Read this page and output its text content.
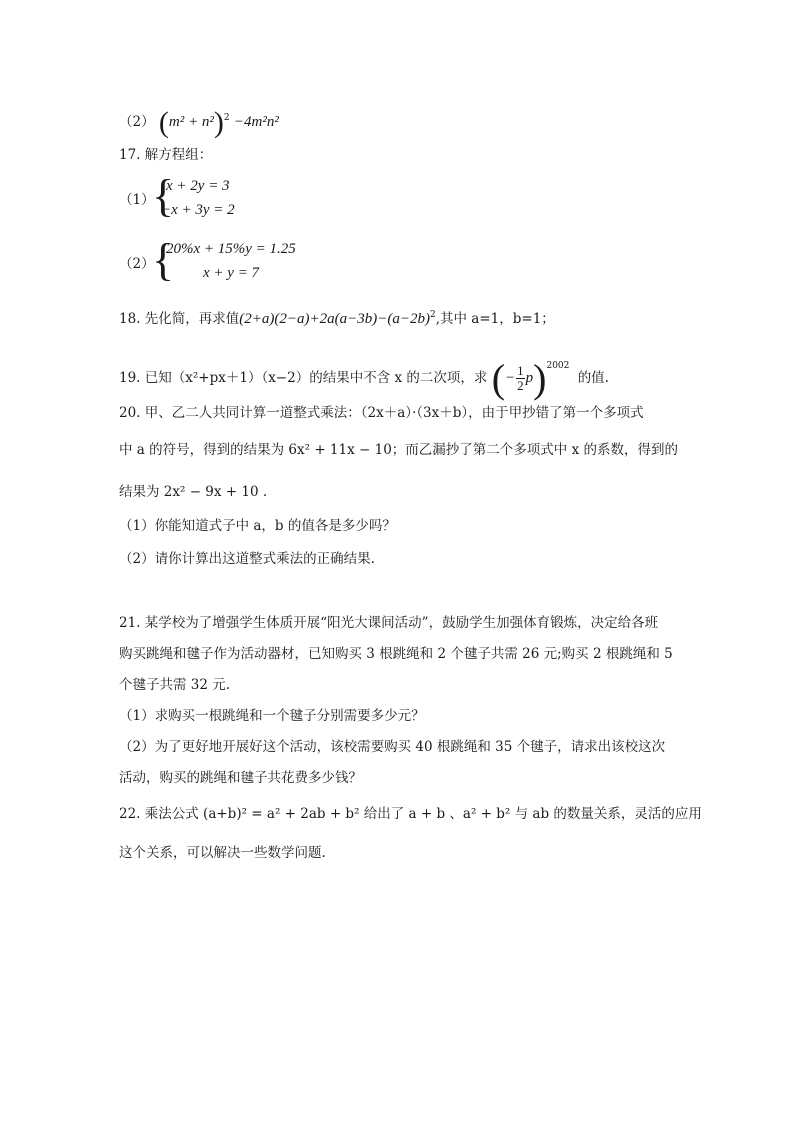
（2） $(m^2 + n^2)^2 -4m^2n^2$
17. 解方程组：
（1）
{
x + 2y = 3
−x + 3y = 2
（2）
{
20%x + 15%y = 1.25
x + y = 7
18. 先化简，再求值$(2+a)(2-a)+2a(a-3b)-(a-2b)^2$,其中 a=1，b=1；
19. 已知（x²+px＋1）（x−2）的结果中不含 x 的二次项，求 (− $\frac{1}{2} p)^{2002}$ 的值.
20. 甲、乙二人共同计算一道整式乘法：（2x＋a）·（3x＋b），由于甲抄错了第一个多项式
中 a 的符号，得到的结果为 6x² + 11x − 10；而乙漏抄了第二个多项式中 x 的系数，得到的
结果为 2x² − 9x + 10 .
（1）你能知道式子中 a，b 的值各是多少吗？
（2）请你计算出这道整式乘法的正确结果.
21. 某学校为了增强学生体质开展“阳光大课间活动”，鼓励学生加强体育锻炼，决定给各班
购买跳绳和毽子作为活动器材，已知购买 3 根跳绳和 2 个毽子共需 26 元;购买 2 根跳绳和 5
个毽子共需 32 元.
（1）求购买一根跳绳和一个毽子分别需要多少元？
（2）为了更好地开展好这个活动，该校需要购买 40 根跳绳和 35 个毽子，请求出该校这次
活动，购买的跳绳和毽子共花费多少钱？
22. 乘法公式 (a+b)² = a² + 2ab + b² 给出了 a + b 、a² + b² 与 ab 的数量关系，灵活的应用
这个关系，可以解决一些数学问题.
